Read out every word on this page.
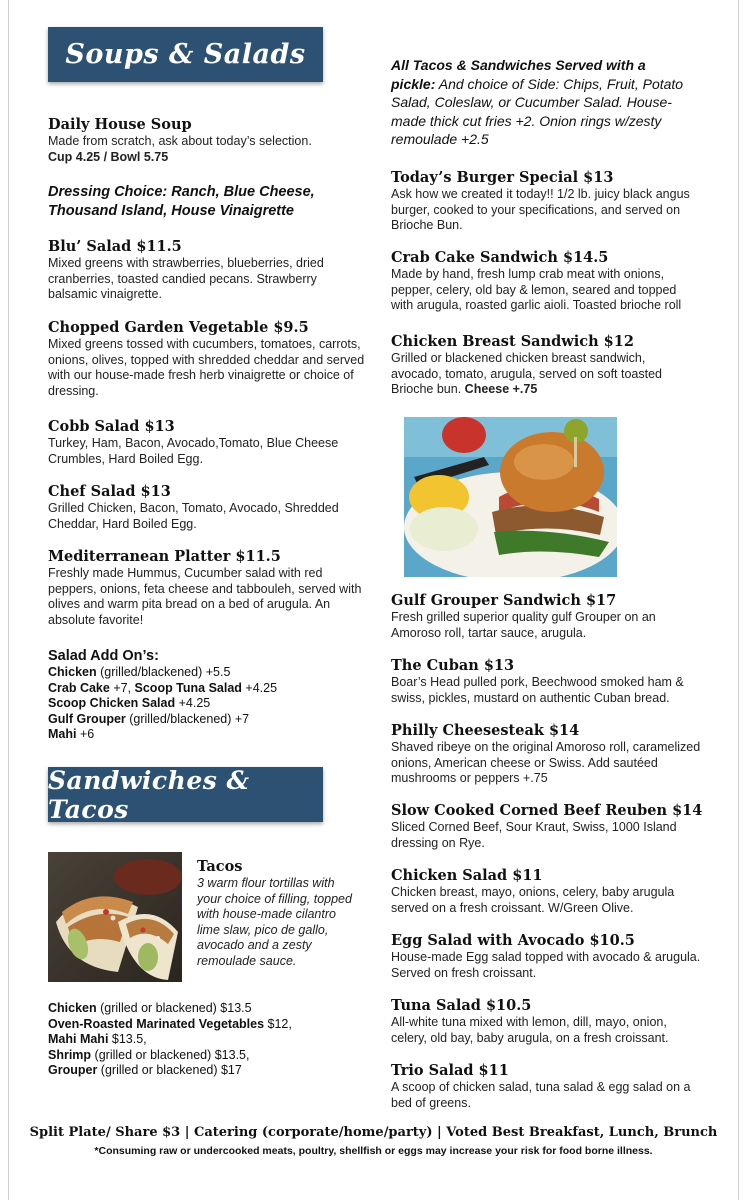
Soups & Salads
Daily House Soup
Made from scratch, ask about today’s selection.
Cup 4.25 / Bowl 5.75
Dressing Choice: Ranch, Blue Cheese, Thousand Island, House Vinaigrette
Blu’ Salad $11.5
Mixed greens with strawberries, blueberries, dried cranberries, toasted candied pecans. Strawberry balsamic vinaigrette.
Chopped Garden Vegetable $9.5
Mixed greens tossed with cucumbers, tomatoes, carrots, onions, olives, topped with shredded cheddar and served with our house-made fresh herb vinaigrette or choice of dressing.
Cobb Salad $13
Turkey, Ham, Bacon, Avocado,Tomato, Blue Cheese Crumbles, Hard Boiled Egg.
Chef Salad $13
Grilled Chicken, Bacon, Tomato, Avocado, Shredded Cheddar, Hard Boiled Egg.
Mediterranean Platter $11.5
Freshly made Hummus, Cucumber salad with red peppers, onions, feta cheese and tabbouleh, served with olives and warm pita bread on a bed of arugula. An absolute favorite!
Salad Add On’s:
Chicken (grilled/blackened) +5.5
Crab Cake +7, Scoop Tuna Salad +4.25
Scoop Chicken Salad +4.25
Gulf Grouper (grilled/blackened) +7
Mahi +6
Sandwiches & Tacos
Tacos
3 warm flour tortillas with your choice of filling, topped with house-made cilantro lime slaw, pico de gallo, avocado and a zesty remoulade sauce.
Chicken (grilled or blackened) $13.5
Oven-Roasted Marinated Vegetables $12,
Mahi Mahi $13.5,
Shrimp (grilled or blackened) $13.5,
Grouper (grilled or blackened) $17
All Tacos & Sandwiches Served with a pickle: And choice of Side: Chips, Fruit, Potato Salad, Coleslaw, or Cucumber Salad. House-made thick cut fries +2. Onion rings w/zesty remoulade +2.5
Today’s Burger Special $13
Ask how we created it today!! 1/2 lb. juicy black angus burger, cooked to your specifications, and served on Brioche Bun.
Crab Cake Sandwich $14.5
Made by hand, fresh lump crab meat with onions, pepper, celery, old bay & lemon, seared and topped with arugula, roasted garlic aioli. Toasted brioche roll
Chicken Breast Sandwich $12
Grilled or blackened chicken breast sandwich, avocado, tomato, arugula, served on soft toasted Brioche bun. Cheese +.75
Gulf Grouper Sandwich $17
Fresh grilled superior quality gulf Grouper on an Amoroso roll, tartar sauce, arugula.
The Cuban $13
Boar’s Head pulled pork, Beechwood smoked ham & swiss, pickles, mustard on authentic Cuban bread.
Philly Cheesesteak $14
Shaved ribeye on the original Amoroso roll, caramelized onions, American cheese or Swiss. Add sautéed mushrooms or peppers +.75
Slow Cooked Corned Beef Reuben $14
Sliced Corned Beef, Sour Kraut, Swiss, 1000 Island dressing on Rye.
Chicken Salad $11
Chicken breast, mayo, onions, celery, baby arugula served on a fresh croissant. W/Green Olive.
Egg Salad with Avocado $10.5
House-made Egg salad topped with avocado & arugula. Served on fresh croissant.
Tuna Salad $10.5
All-white tuna mixed with lemon, dill, mayo, onion, celery, old bay, baby arugula, on a fresh croissant.
Trio Salad $11
A scoop of chicken salad, tuna salad & egg salad on a bed of greens.
Split Plate/ Share $3 | Catering (corporate/home/party) | Voted Best Breakfast, Lunch, Brunch
*Consuming raw or undercooked meats, poultry, shellfish or eggs may increase your risk for food borne illness.
